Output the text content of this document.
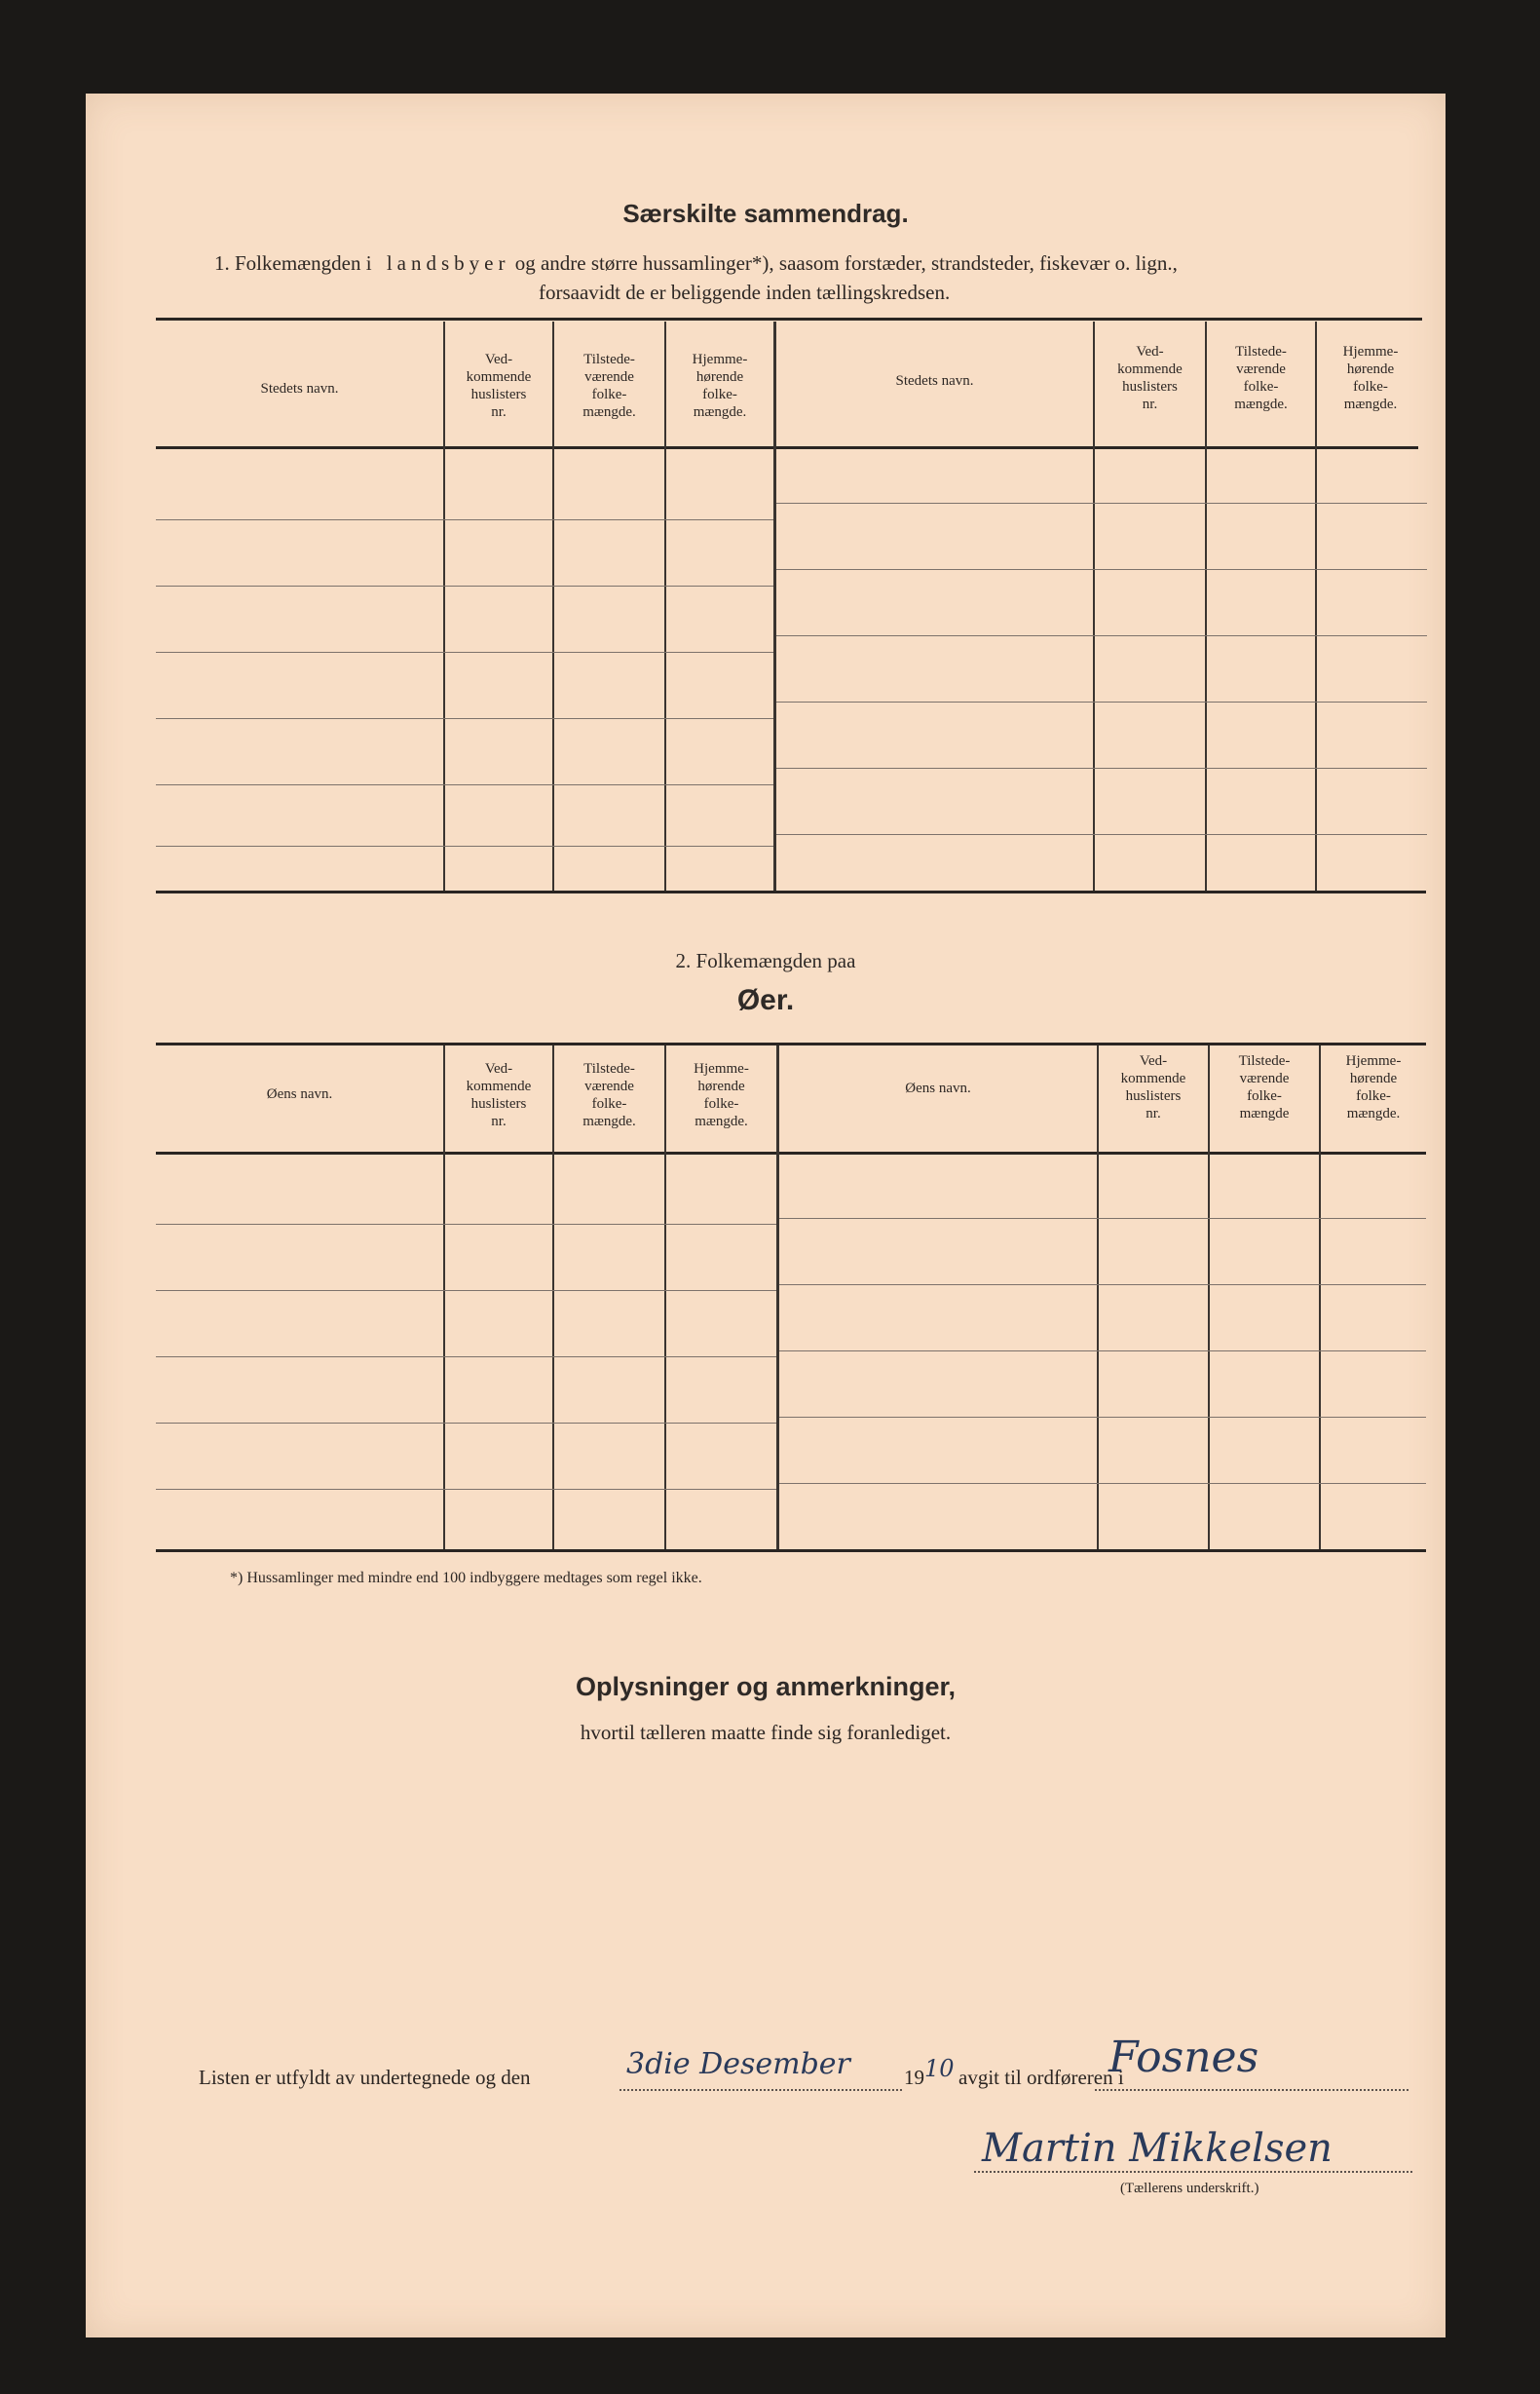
Særskilte sammendrag.
1. Folkemængden i landsbyer og andre større hussamlinger*), saasom forstæder, strandsteder, fiskevær o. lign.,
forsaavidt de er beliggende inden tællingskredsen.
Stedets navn.
Ved-
kommende
huslisters
nr.
Tilstede-
værende
folke-
mængde.
Hjemme-
hørende
folke-
mængde.
Stedets navn.
Ved-
kommende
huslisters
nr.
Tilstede-
værende
folke-
mængde.
Hjemme-
hørende
folke-
mængde.
2. Folkemængden paa
Øer.
Øens navn.
Ved-
kommende
huslisters
nr.
Tilstede-
værende
folke-
mængde.
Hjemme-
hørende
folke-
mængde.
Øens navn.
Ved-
kommende
huslisters
nr.
Tilstede-
værende
folke-
mængde
Hjemme-
hørende
folke-
mængde.
*) Hussamlinger med mindre end 100 indbyggere medtages som regel ikke.
Oplysninger og anmerkninger,
hvortil tælleren maatte finde sig foranlediget.
Listen er utfyldt av undertegnede og den	3die Desember	19 10 avgit til ordføreren i
Fosnes
Martin Mikkelsen
(Tællerens underskrift.)
